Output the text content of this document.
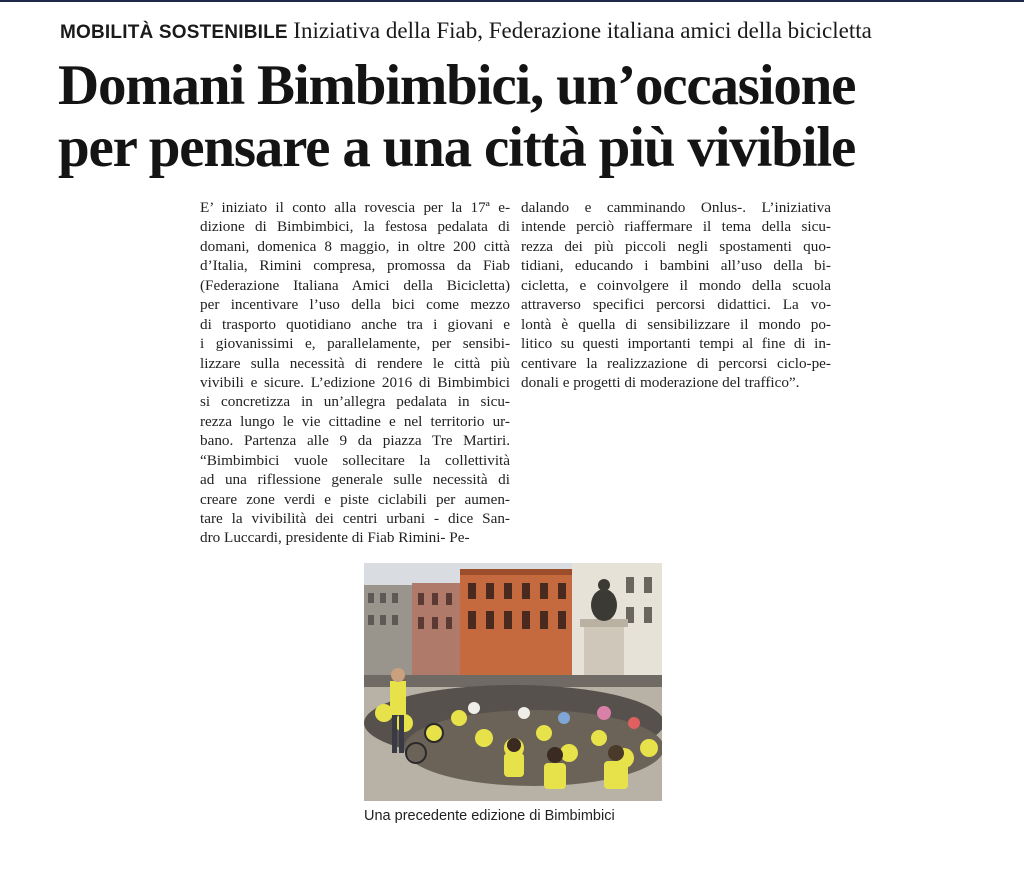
MOBILITÀ SOSTENIBILE Iniziativa della Fiab, Federazione italiana amici della bicicletta
Domani Bimbimbici, un’occasione
per pensare a una città più vivibile
E’ iniziato il conto alla rovescia per la 17ª e-
dizione di Bimbimbici, la festosa pedalata di
domani, domenica 8 maggio, in oltre 200 città
d’Italia, Rimini compresa, promossa da Fiab
(Federazione Italiana Amici della Bicicletta)
per incentivare l’uso della bici come mezzo
di trasporto quotidiano anche tra i giovani e
i giovanissimi e, parallelamente, per sensibi-
lizzare sulla necessità di rendere le città più
vivibili e sicure. L’edizione 2016 di Bimbimbici
si concretizza in un’allegra pedalata in sicu-
rezza lungo le vie cittadine e nel territorio ur-
bano. Partenza alle 9 da piazza Tre Martiri.
“Bimbimbici vuole sollecitare la collettività
ad una riflessione generale sulle necessità di
creare zone verdi e piste ciclabili per aumen-
tare la vivibilità dei centri urbani - dice San-
dro Luccardi, presidente di Fiab Rimini- Pe-
dalando e camminando Onlus-. L’iniziativa
intende perciò riaffermare il tema della sicu-
rezza dei più piccoli negli spostamenti quo-
tidiani, educando i bambini all’uso della bi-
cicletta, e coinvolgere il mondo della scuola
attraverso specifici percorsi didattici. La vo-
lontà è quella di sensibilizzare il mondo po-
litico su questi importanti tempi al fine di in-
centivare la realizzazione di percorsi ciclo-pe-
donali e progetti di moderazione del traffico”.
Una precedente edizione di Bimbimbici
